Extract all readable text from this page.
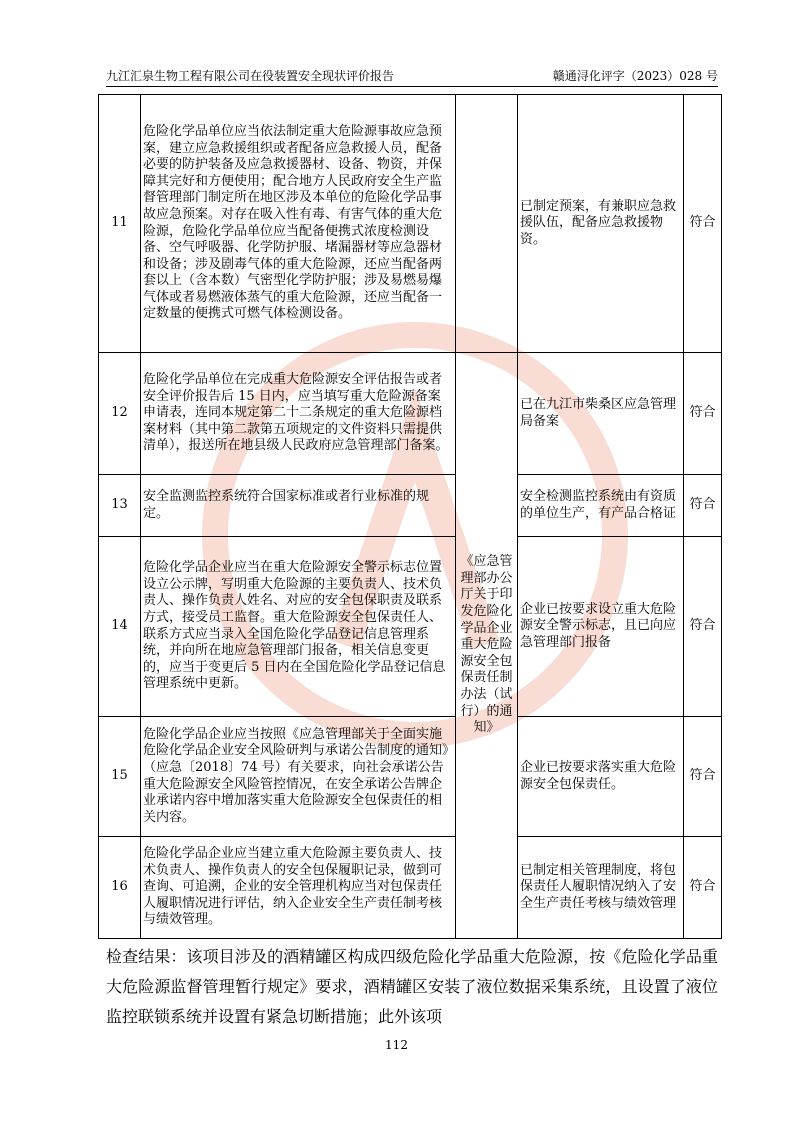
九江汇泉生物工程有限公司在役装置安全现状评价报告	赣通浔化评字（2023）028 号
11	危险化学品单位应当依法制定重大危险源事故应急预案，建立应急救援组织或者配备应急救援人员，配备必要的防护装备及应急救援器材、设备、物资，并保障其完好和方便使用；配合地方人民政府安全生产监督管理部门制定所在地区涉及本单位的危险化学品事故应急预案。对存在吸入性有毒、有害气体的重大危险源，危险化学品单位应当配备便携式浓度检测设备、空气呼吸器、化学防护服、堵漏器材等应急器材和设备；涉及剧毒气体的重大危险源，还应当配备两套以上（含本数）气密型化学防护服；涉及易燃易爆气体或者易燃液体蒸气的重大危险源，还应当配备一定数量的便携式可燃气体检测设备。		已制定预案，有兼职应急救援队伍，配备应急救援物资。	符合
12	危险化学品单位在完成重大危险源安全评估报告或者安全评价报告后 15 日内，应当填写重大危险源备案申请表，连同本规定第二十二条规定的重大危险源档案材料（其中第二款第五项规定的文件资料只需提供清单），报送所在地县级人民政府应急管理部门备案。	《应急管理部办公厅关于印发危险化学品企业重大危险源安全包保责任制办法（试行）的通知》	已在九江市柴桑区应急管理局备案	符合
13	安全监测监控系统符合国家标准或者行业标准的规定。		安全检测监控系统由有资质的单位生产，有产品合格证	符合
14	危险化学品企业应当在重大危险源安全警示标志位置设立公示牌，写明重大危险源的主要负责人、技术负责人、操作负责人姓名、对应的安全包保职责及联系方式，接受员工监督。重大危险源安全包保责任人、联系方式应当录入全国危险化学品登记信息管理系统，并向所在地应急管理部门报备，相关信息变更的，应当于变更后 5 日内在全国危险化学品登记信息管理系统中更新。		企业已按要求设立重大危险源安全警示标志，且已向应急管理部门报备	符合
15	危险化学品企业应当按照《应急管理部关于全面实施危险化学品企业安全风险研判与承诺公告制度的通知》（应急〔2018〕74 号）有关要求，向社会承诺公告重大危险源安全风险管控情况，在安全承诺公告牌企业承诺内容中增加落实重大危险源安全包保责任的相关内容。		企业已按要求落实重大危险源安全包保责任。	符合
16	危险化学品企业应当建立重大危险源主要负责人、技术负责人、操作负责人的安全包保履职记录，做到可查询、可追溯，企业的安全管理机构应当对包保责任人履职情况进行评估，纳入企业安全生产责任制考核与绩效管理。		已制定相关管理制度，将包保责任人履职情况纳入了安全生产责任考核与绩效管理	符合
检查结果：该项目涉及的酒精罐区构成四级危险化学品重大危险源，按《危险化学品重大危险源监督管理暂行规定》要求，酒精罐区安装了液位数据采集系统，且设置了液位监控联锁系统并设置有紧急切断措施；此外该项
112
